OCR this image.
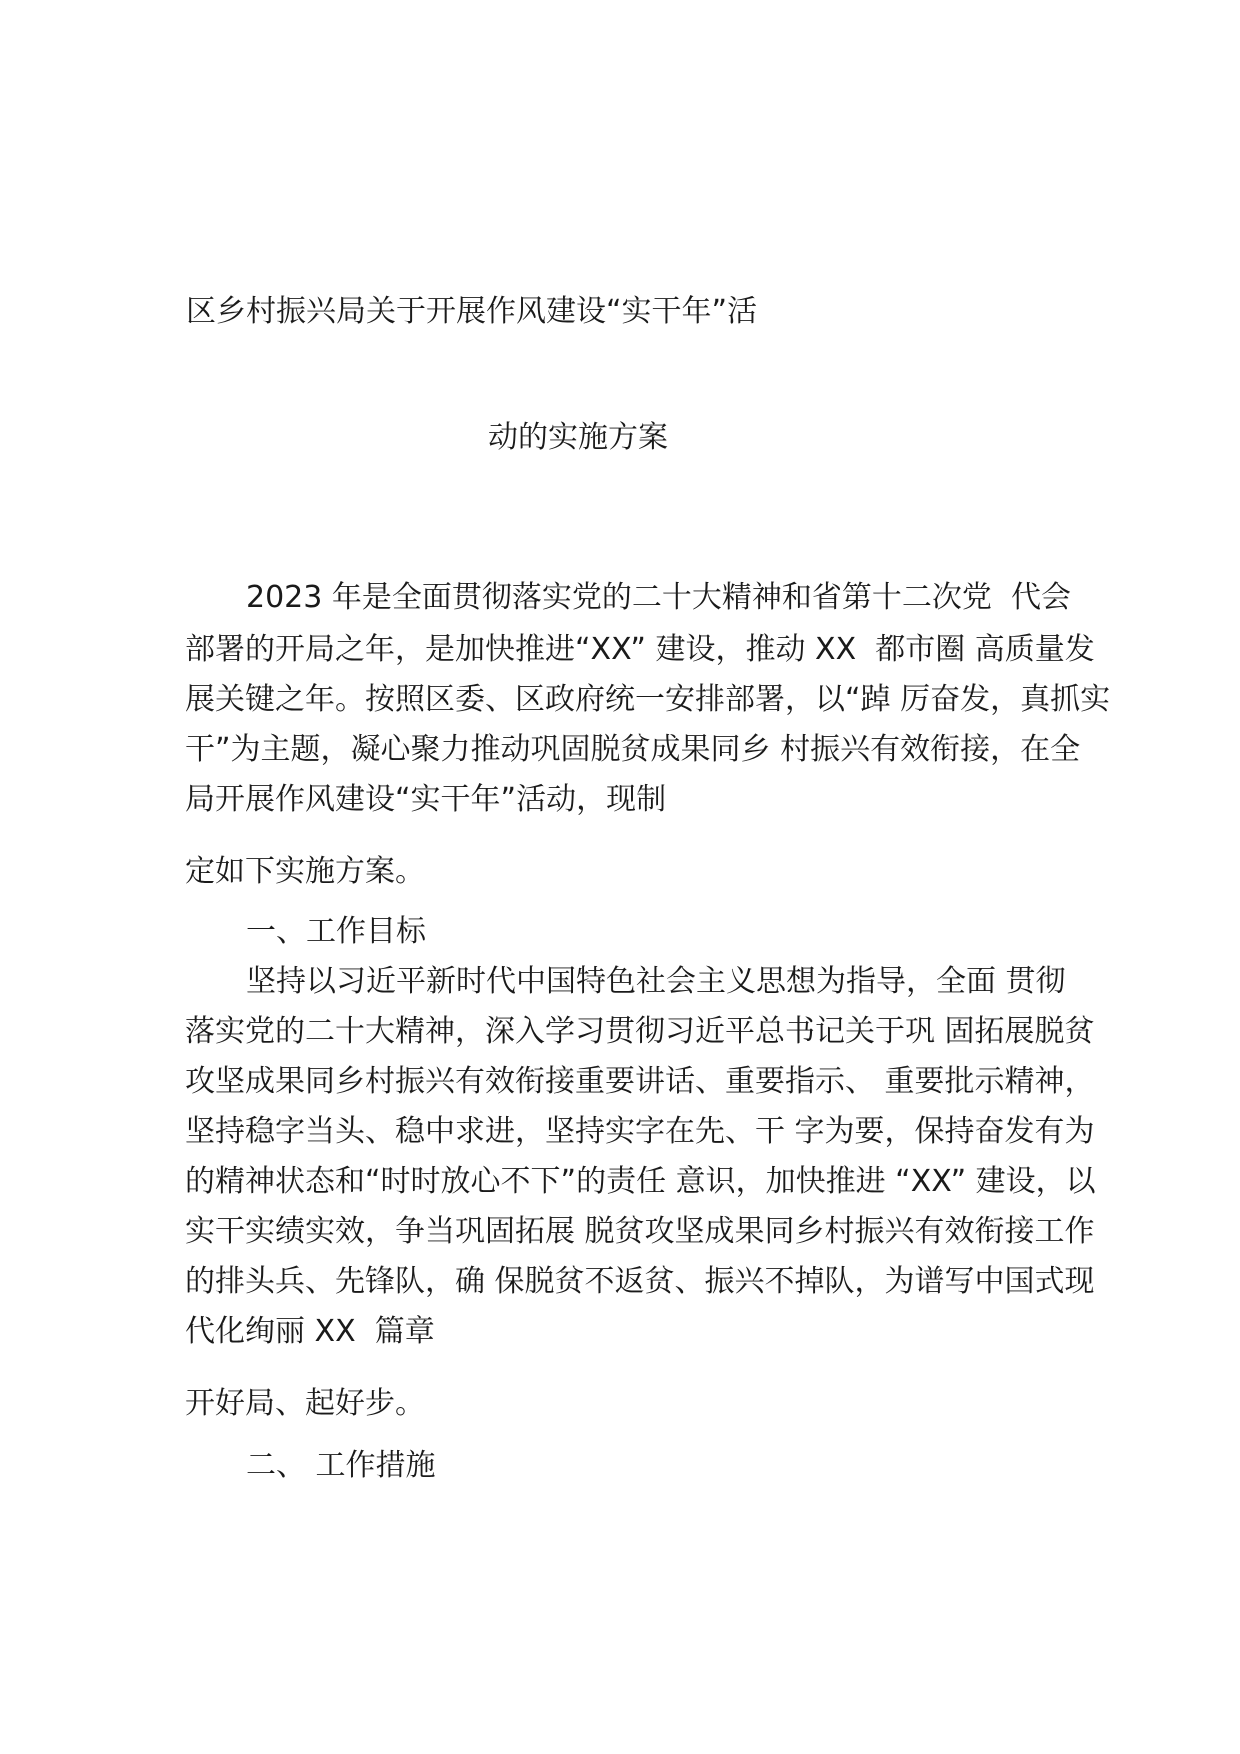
区乡村振兴局关于开展作风建设“实干年”活
动的实施方案
2023 年是全面贯彻落实党的二十大精神和省第十二次党  代会
部署的开局之年，是加快推进“XX” 建设，推动 XX  都市圈 高质量发
展关键之年。按照区委、区政府统一安排部署，以“踔 厉奋发，真抓实
干”为主题，凝心聚力推动巩固脱贫成果同乡 村振兴有效衔接，在全
局开展作风建设“实干年”活动，现制
定如下实施方案。
一、工作目标
坚持以习近平新时代中国特色社会主义思想为指导，全面 贯彻
落实党的二十大精神，深入学习贯彻习近平总书记关于巩 固拓展脱贫
攻坚成果同乡村振兴有效衔接重要讲话、重要指示、 重要批示精神，
坚持稳字当头、稳中求进，坚持实字在先、干 字为要，保持奋发有为
的精神状态和“时时放心不下”的责任 意识，加快推进 “XX” 建设，以
实干实绩实效，争当巩固拓展 脱贫攻坚成果同乡村振兴有效衔接工作
的排头兵、先锋队，确 保脱贫不返贫、振兴不掉队，为谱写中国式现
代化绚丽 XX  篇章
开好局、起好步。
二、 工作措施
